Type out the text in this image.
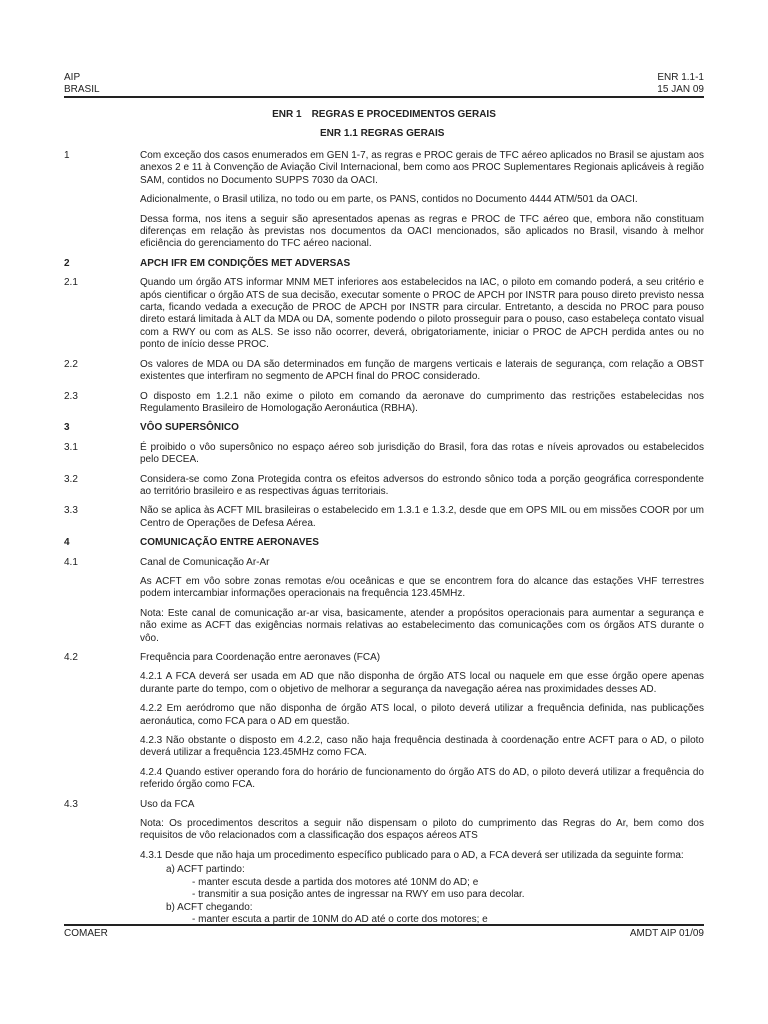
AIP
BRASIL
ENR 1.1-1
15 JAN 09
ENR 1 REGRAS E PROCEDIMENTOS GERAIS
ENR 1.1 REGRAS GERAIS
1	Com exceção dos casos enumerados em GEN 1-7, as regras e PROC gerais de TFC aéreo aplicados no Brasil se ajustam aos anexos 2 e 11 à Convenção de Aviação Civil Internacional, bem como aos PROC Suplementares Regionais aplicáveis à região SAM, contidos no Documento SUPPS 7030 da OACI.
Adicionalmente, o Brasil utiliza, no todo ou em parte, os PANS, contidos no Documento 4444 ATM/501 da OACI.
Dessa forma, nos itens a seguir são apresentados apenas as regras e PROC de TFC aéreo que, embora não constituam diferenças em relação às previstas nos documentos da OACI mencionados, são aplicados no Brasil, visando à melhor eficiência do gerenciamento do TFC aéreo nacional.
2	APCH IFR EM CONDIÇÕES MET ADVERSAS
2.1	Quando um órgão ATS informar MNM MET inferiores aos estabelecidos na IAC, o piloto em comando poderá, a seu critério e após cientificar o órgão ATS de sua decisão, executar somente o PROC de APCH por INSTR para pouso direto previsto nessa carta, ficando vedada a execução de PROC de APCH por INSTR para circular. Entretanto, a descida no PROC para pouso direto estará limitada à ALT da MDA ou DA, somente podendo o piloto prosseguir para o pouso, caso estabeleça contato visual com a RWY ou com as ALS. Se isso não ocorrer, deverá, obrigatoriamente, iniciar o PROC de APCH perdida antes ou no ponto de início desse PROC.
2.2	Os valores de MDA ou DA são determinados em função de margens verticais e laterais de segurança, com relação a OBST existentes que interfiram no segmento de APCH final do PROC considerado.
2.3	O disposto em 1.2.1 não exime o piloto em comando da aeronave do cumprimento das restrições estabelecidas nos Regulamento Brasileiro de Homologação Aeronáutica (RBHA).
3	VÔO SUPERSÔNICO
3.1	É proibido o vôo supersônico no espaço aéreo sob jurisdição do Brasil, fora das rotas e níveis aprovados ou estabelecidos pelo DECEA.
3.2	Considera-se como Zona Protegida contra os efeitos adversos do estrondo sônico toda a porção geográfica correspondente ao território brasileiro e as respectivas águas territoriais.
3.3	Não se aplica às ACFT MIL brasileiras o estabelecido em 1.3.1 e 1.3.2, desde que em OPS MIL ou em missões COOR por um Centro de Operações de Defesa Aérea.
4	COMUNICAÇÃO ENTRE AERONAVES
4.1	Canal de Comunicação Ar-Ar
As ACFT em vôo sobre zonas remotas e/ou oceânicas e que se encontrem fora do alcance das estações VHF terrestres podem intercambiar informações operacionais na frequência 123.45MHz.
Nota: Este canal de comunicação ar-ar visa, basicamente, atender a propósitos operacionais para aumentar a segurança e não exime as ACFT das exigências normais relativas ao estabelecimento das comunicações com os órgãos ATS durante o vôo.
4.2	Frequência para Coordenação entre aeronaves (FCA)
4.2.1 A FCA deverá ser usada em AD que não disponha de órgão ATS local ou naquele em que esse órgão opere apenas durante parte do tempo, com o objetivo de melhorar a segurança da navegação aérea nas proximidades desses AD.
4.2.2 Em aeródromo que não disponha de órgão ATS local, o piloto deverá utilizar a frequência definida, nas publicações aeronáutica, como FCA para o AD em questão.
4.2.3 Não obstante o disposto em 4.2.2, caso não haja frequência destinada à coordenação entre ACFT para o AD, o piloto deverá utilizar a frequência 123.45MHz como FCA.
4.2.4 Quando estiver operando fora do horário de funcionamento do órgão ATS do AD, o piloto deverá utilizar a frequência do referido órgão como FCA.
4.3	Uso da FCA
Nota: Os procedimentos descritos a seguir não dispensam o piloto do cumprimento das Regras do Ar, bem como dos requisitos de vôo relacionados com a classificação dos espaços aéreos ATS
4.3.1 Desde que não haja um procedimento específico publicado para o AD, a FCA deverá ser utilizada da seguinte forma:
a) ACFT partindo:
- manter escuta desde a partida dos motores até 10NM do AD; e
- transmitir a sua posição antes de ingressar na RWY em uso para decolar.
b) ACFT chegando:
- manter escuta a partir de 10NM do AD até o corte dos motores; e
COMAER	AMDT AIP 01/09
